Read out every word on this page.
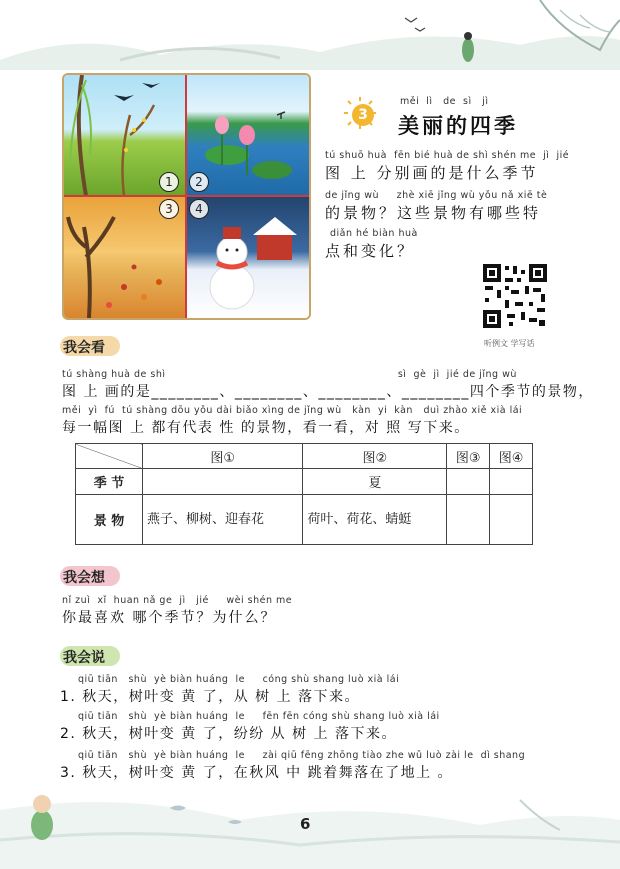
1	2
3	4
3
měi  lì   de  sì   jì
美丽的四季
tú shuō huà  fēn bié huà de shì shén me  jì  jié
图 上 分别画的是什么季节
de jǐng wù     zhè xiē jǐng wù yǒu nǎ xiē tè
的景物？这些景物有哪些特
diǎn hé biàn huà
点和变化？
听例文 学写话
我会看
tú shàng huà de shì                                                                  sì  gè  jì  jié de jǐng wù
图 上 画的是________、________、________、________四个季节的景物，
měi  yì  fú  tú shàng dōu yǒu dài biǎo xìng de jǐng wù   kàn  yi  kàn   duì zhào xiě xià lái
每一幅图 上 都有代表 性 的景物，看一看，对 照 写下来。
	图①	图②	图③	图④
季 节		夏		
景 物	燕子、柳树、迎春花	荷叶、荷花、蜻蜓		
我会想
nǐ zuì  xǐ  huan nǎ ge  jì   jié     wèi shén me
你最喜欢 哪个季节？为什么？
我会说
qiū tiān   shù  yè biàn huáng  le     cóng shù shang luò xià lái
1. 秋天，树叶变 黄 了，从 树 上 落下来。
qiū tiān   shù  yè biàn huáng  le     fēn fēn cóng shù shang luò xià lái
2. 秋天，树叶变 黄 了，纷纷 从 树 上 落下来。
qiū tiān   shù  yè biàn huáng  le     zài qiū fēng zhōng tiào zhe wǔ luò zài le  dì shang
3. 秋天，树叶变 黄 了，在秋风 中 跳着舞落在了地上 。
6
